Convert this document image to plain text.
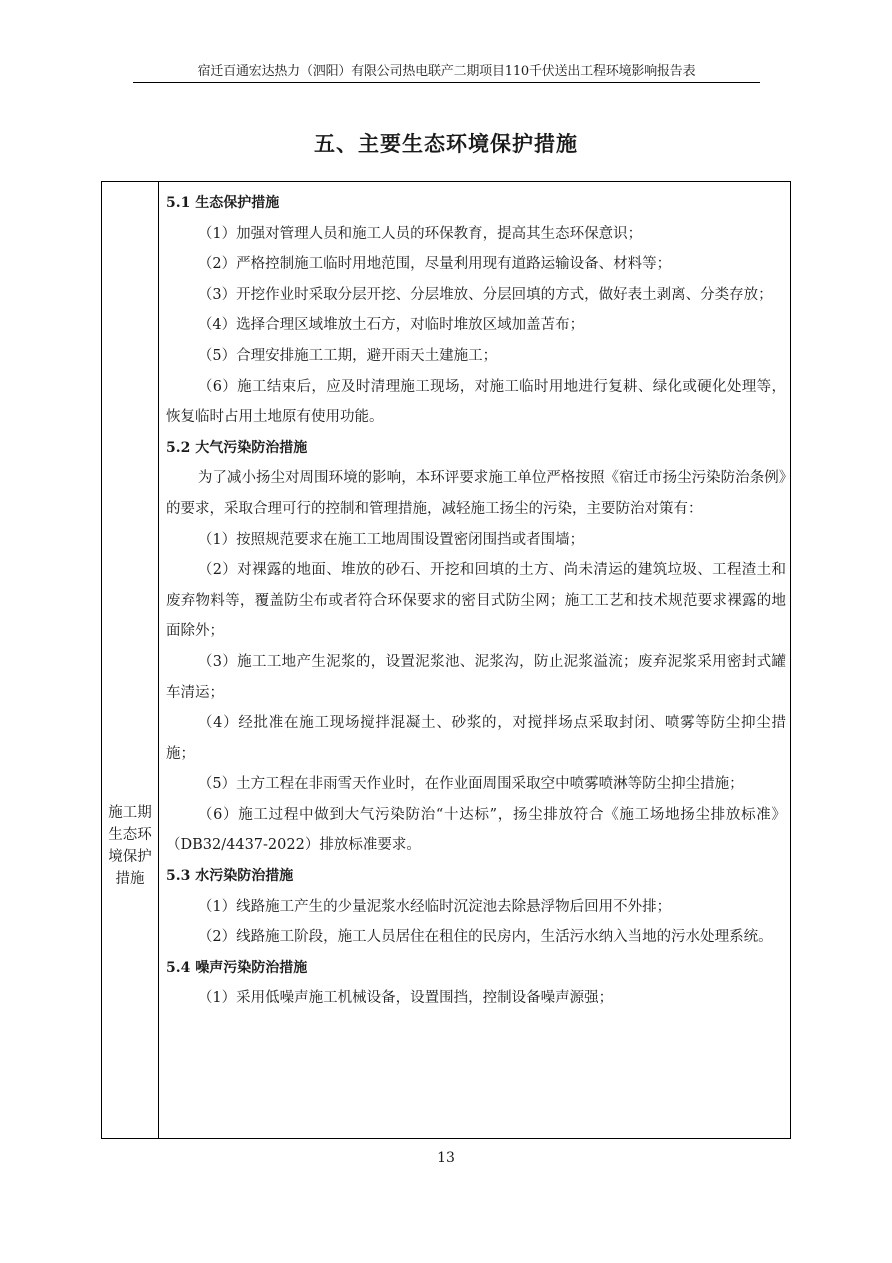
宿迁百通宏达热力（泗阳）有限公司热电联产二期项目110千伏送出工程环境影响报告表
五、主要生态环境保护措施
施工期
生态环
境保护
措施

5.1 生态保护措施

（1）加强对管理人员和施工人员的环保教育，提高其生态环保意识；

（2）严格控制施工临时用地范围，尽量利用现有道路运输设备、材料等；

（3）开挖作业时采取分层开挖、分层堆放、分层回填的方式，做好表土剥离、分类存放；

（4）选择合理区域堆放土石方，对临时堆放区域加盖苫布；

（5）合理安排施工工期，避开雨天土建施工；

（6）施工结束后，应及时清理施工现场，对施工临时用地进行复耕、绿化或硬化处理等，恢复临时占用土地原有使用功能。

5.2 大气污染防治措施

为了减小扬尘对周围环境的影响，本环评要求施工单位严格按照《宿迁市扬尘污染防治条例》的要求，采取合理可行的控制和管理措施，减轻施工扬尘的污染，主要防治对策有：

（1）按照规范要求在施工工地周围设置密闭围挡或者围墙；

（2）对裸露的地面、堆放的砂石、开挖和回填的土方、尚未清运的建筑垃圾、工程渣土和废弃物料等，覆盖防尘布或者符合环保要求的密目式防尘网；施工工艺和技术规范要求裸露的地面除外；

（3）施工工地产生泥浆的，设置泥浆池、泥浆沟，防止泥浆溢流；废弃泥浆采用密封式罐车清运；

（4）经批准在施工现场搅拌混凝土、砂浆的，对搅拌场点采取封闭、喷雾等防尘抑尘措施；

（5）土方工程在非雨雪天作业时，在作业面周围采取空中喷雾喷淋等防尘抑尘措施；

（6）施工过程中做到大气污染防治“十达标”，扬尘排放符合《施工场地扬尘排放标准》（DB32/4437-2022）排放标准要求。

5.3 水污染防治措施

（1）线路施工产生的少量泥浆水经临时沉淀池去除悬浮物后回用不外排；

（2）线路施工阶段，施工人员居住在租住的民房内，生活污水纳入当地的污水处理系统。

5.4 噪声污染防治措施

（1）采用低噪声施工机械设备，设置围挡，控制设备噪声源强；

13
